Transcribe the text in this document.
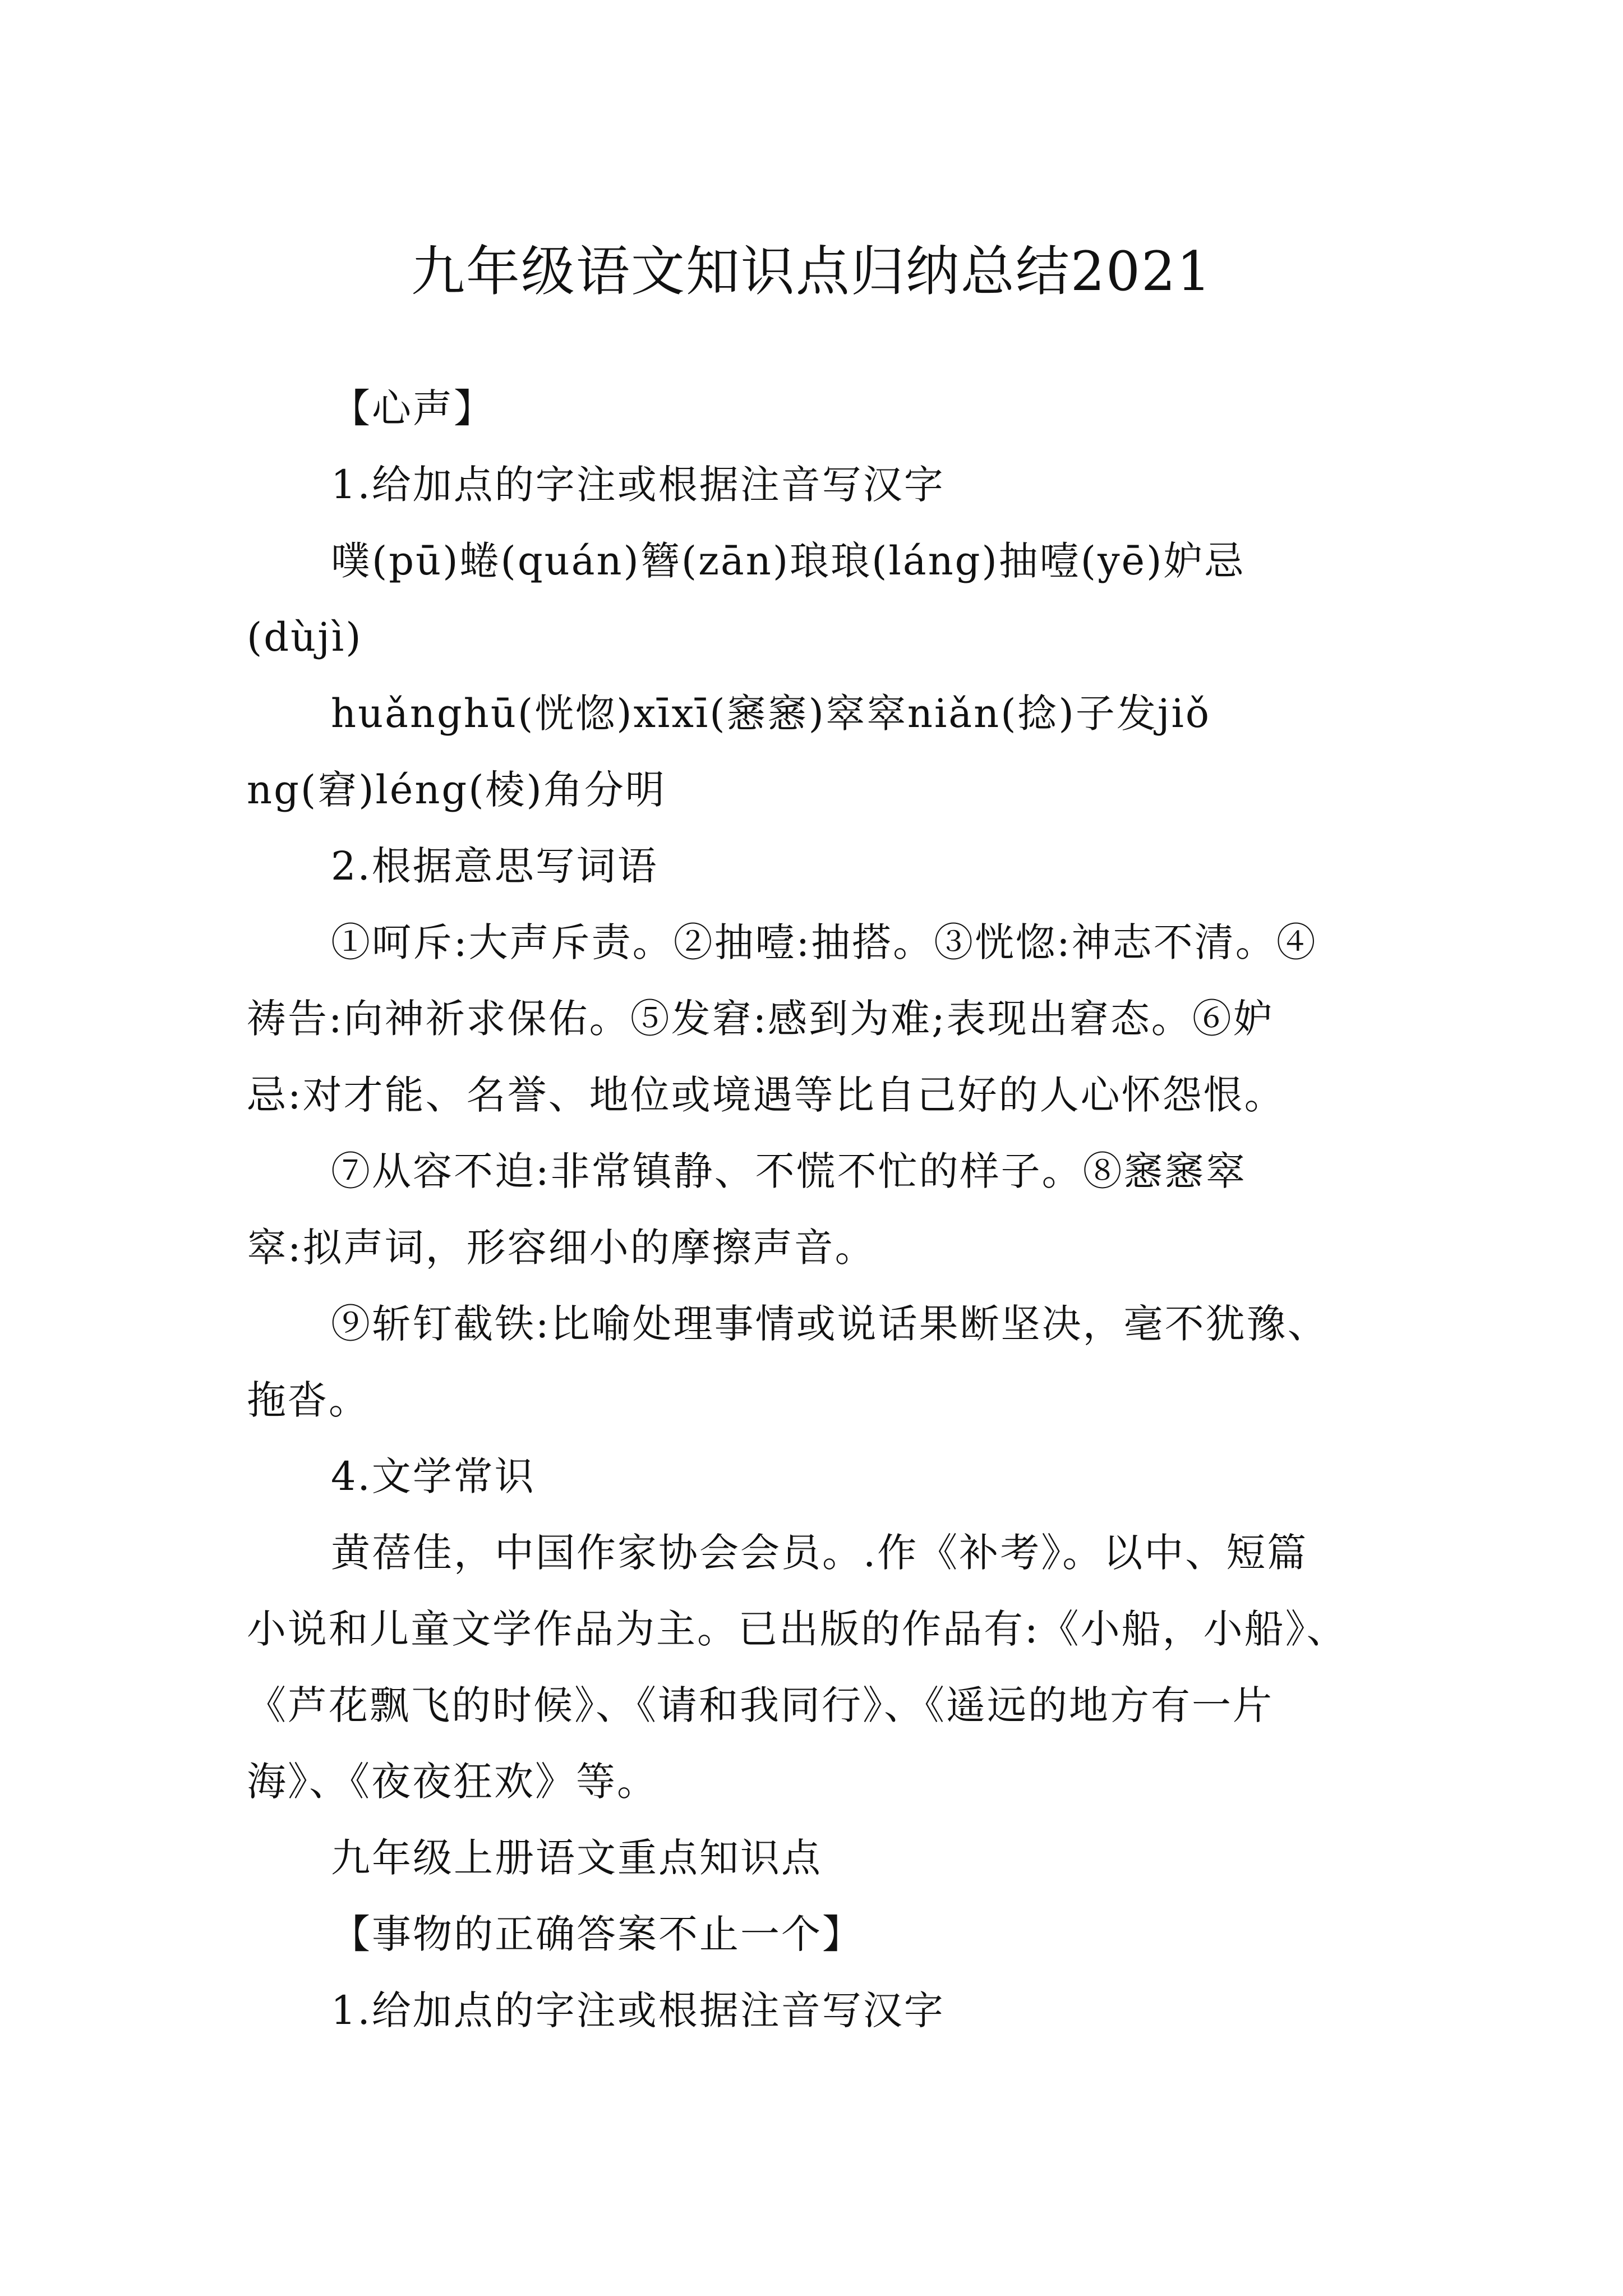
九年级语文知识点归纳总结2021

【心声】

1.给加点的字注或根据注音写汉字

噗(pū)蜷(quán)簪(zān)琅琅(láng)抽噎(yē)妒忌
(dùjì)

huǎnghū(恍惚)xīxī(窸窸)窣窣niǎn(捻)子发jiǒ
ng(窘)léng(棱)角分明

2.根据意思写词语

①呵斥:大声斥责。②抽噎:抽搭。③恍惚:神志不清。④
祷告:向神祈求保佑。⑤发窘:感到为难;表现出窘态。⑥妒
忌:对才能、名誉、地位或境遇等比自己好的人心怀怨恨。

⑦从容不迫:非常镇静、不慌不忙的样子。⑧窸窸窣
窣:拟声词，形容细小的摩擦声音。

⑨斩钉截铁:比喻处理事情或说话果断坚决，毫不犹豫、
拖沓。

4.文学常识

黄蓓佳，中国作家协会会员。.作《补考》。以中、短篇
小说和儿童文学作品为主。已出版的作品有:《小船，小船》、
《芦花飘飞的时候》、《请和我同行》、《遥远的地方有一片
海》、《夜夜狂欢》等。

九年级上册语文重点知识点

【事物的正确答案不止一个】

1.给加点的字注或根据注音写汉字
